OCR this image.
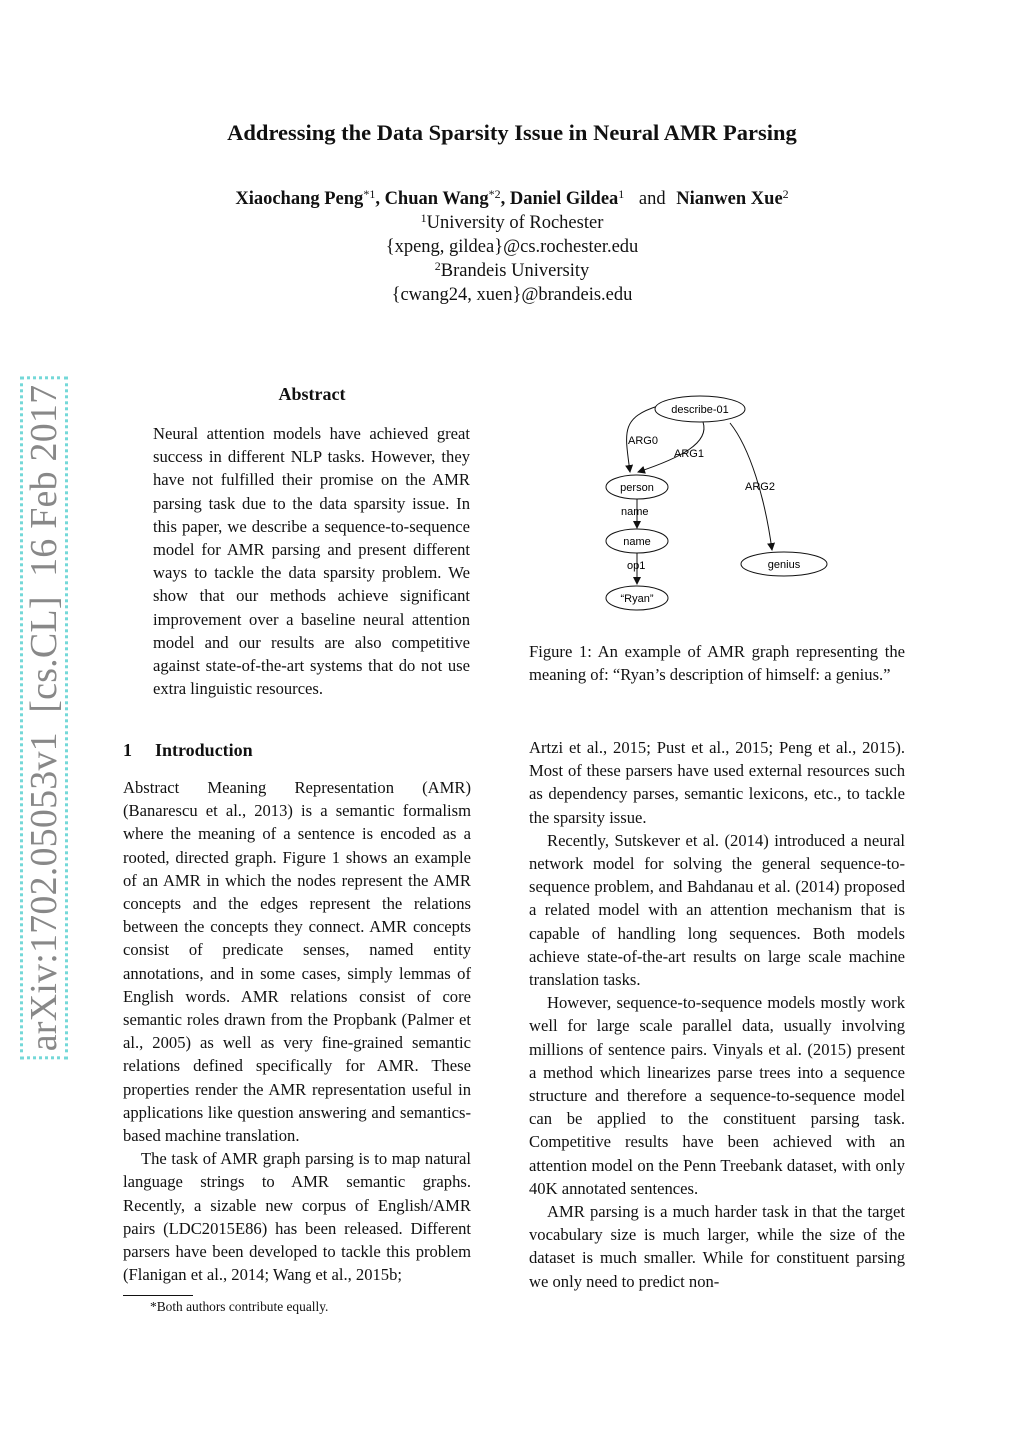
Addressing the Data Sparsity Issue in Neural AMR Parsing
Xiaochang Peng$^{*1}$, Chuan Wang$^{*2}$, Daniel Gildea$^1$ and Nianwen Xue$^2$
$^1$University of Rochester
{xpeng, gildea}@cs.rochester.edu
$^2$Brandeis University
{cwang24, xuen}@brandeis.edu
arXiv:1702.05053v1  [cs.CL]  16 Feb 2017	Abstract
Neural attention models have achieved great success in different NLP tasks. However, they have not fulfilled their promise on the AMR parsing task due to the data sparsity issue. In this paper, we describe a sequence-to-sequence model for AMR parsing and present different ways to tackle the data sparsity problem. We show that our methods achieve significant improvement over a baseline neural attention model and our results are also competitive against state-of-the-art systems that do not use extra linguistic resources.
1 Introduction

Abstract Meaning Representation (AMR) (Banarescu et al., 2013) is a semantic formalism where the meaning of a sentence is encoded as a rooted, directed graph. Figure 1 shows an example of an AMR in which the nodes represent the AMR concepts and the edges represent the relations between the concepts they connect. AMR concepts consist of predicate senses, named entity annotations, and in some cases, simply lemmas of English words. AMR relations consist of core semantic roles drawn from the Propbank (Palmer et al., 2005) as well as very fine-grained semantic relations defined specifically for AMR. These properties render the AMR representation useful in applications like question answering and semantics-based machine translation.

The task of AMR graph parsing is to map natural language strings to AMR semantic graphs. Recently, a sizable new corpus of English/AMR pairs (LDC2015E86) has been released. Different parsers have been developed to tackle this problem (Flanigan et al., 2014; Wang et al., 2015b;

*Both authors contribute equally.
describe-01
person
name
“Ryan”
genius
ARG0
ARG1
ARG2
name
op1
Figure 1: An example of AMR graph representing the meaning of: “Ryan’s description of himself: a genius.”

Artzi et al., 2015; Pust et al., 2015; Peng et al., 2015). Most of these parsers have used external resources such as dependency parses, semantic lexicons, etc., to tackle the sparsity issue.

Recently, Sutskever et al. (2014) introduced a neural network model for solving the general sequence-to-sequence problem, and Bahdanau et al. (2014) proposed a related model with an attention mechanism that is capable of handling long sequences. Both models achieve state-of-the-art results on large scale machine translation tasks.

However, sequence-to-sequence models mostly work well for large scale parallel data, usually involving millions of sentence pairs. Vinyals et al. (2015) present a method which linearizes parse trees into a sequence structure and therefore a sequence-to-sequence model can be applied to the constituent parsing task. Competitive results have been achieved with an attention model on the Penn Treebank dataset, with only 40K annotated sentences.

AMR parsing is a much harder task in that the target vocabulary size is much larger, while the size of the dataset is much smaller. While for constituent parsing we only need to predict non-
